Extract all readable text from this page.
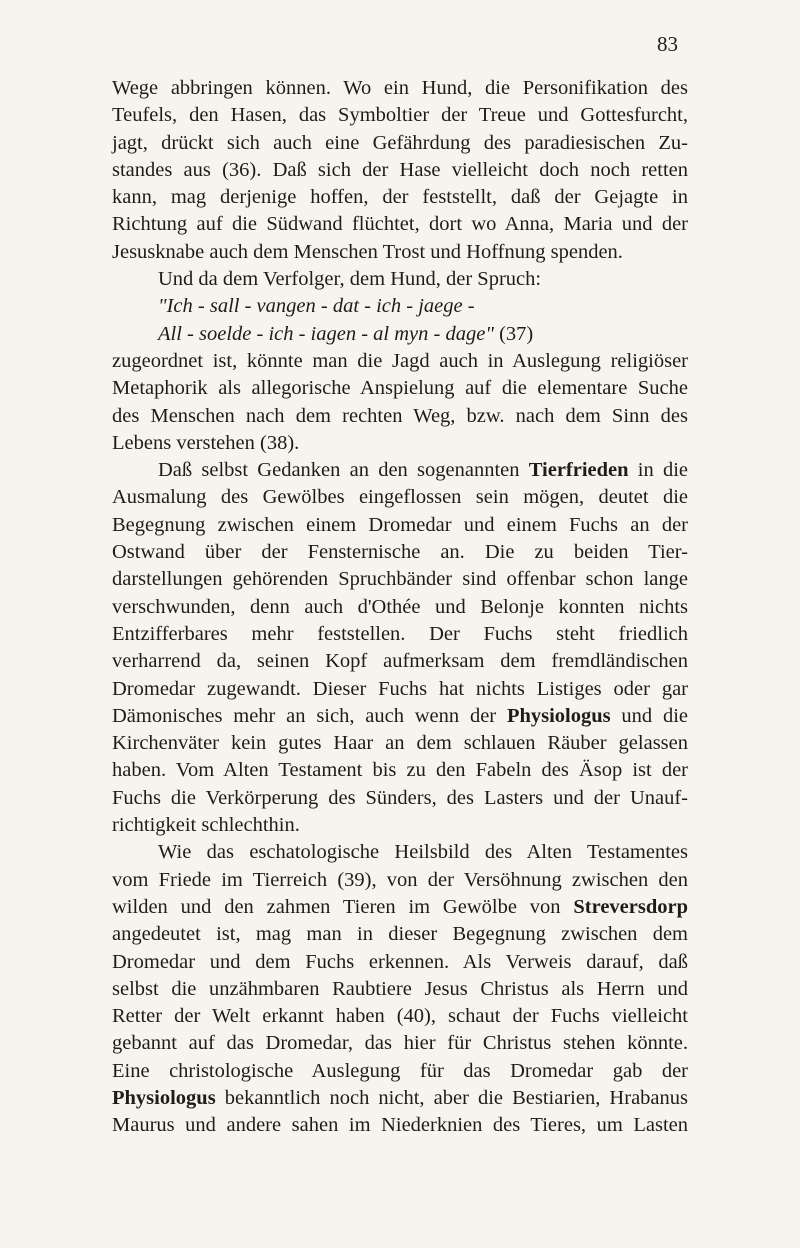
83
Wege abbringen können. Wo ein Hund, die Personifikation des
Teufels, den Hasen, das Symboltier der Treue und Gottesfurcht,
jagt, drückt sich auch eine Gefährdung des paradiesischen Zu-
standes aus (36). Daß sich der Hase vielleicht doch noch retten
kann, mag derjenige hoffen, der feststellt, daß der Gejagte in
Richtung auf die Südwand flüchtet, dort wo Anna, Maria und der
Jesusknabe auch dem Menschen Trost und Hoffnung spenden.
Und da dem Verfolger, dem Hund, der Spruch:
"Ich - sall - vangen - dat - ich - jaege -
All - soelde - ich - iagen - al myn - dage" (37)
zugeordnet ist, könnte man die Jagd auch in Auslegung religiöser
Metaphorik als allegorische Anspielung auf die elementare Suche
des Menschen nach dem rechten Weg, bzw. nach dem Sinn des
Lebens verstehen (38).
Daß selbst Gedanken an den sogenannten Tierfrieden in die
Ausmalung des Gewölbes eingeflossen sein mögen, deutet die
Begegnung zwischen einem Dromedar und einem Fuchs an der
Ostwand über der Fensternische an. Die zu beiden Tier-
darstellungen gehörenden Spruchbänder sind offenbar schon lange
verschwunden, denn auch d'Othée und Belonje konnten nichts
Entzifferbares mehr feststellen. Der Fuchs steht friedlich
verharrend da, seinen Kopf aufmerksam dem fremdländischen
Dromedar zugewandt. Dieser Fuchs hat nichts Listiges oder gar
Dämonisches mehr an sich, auch wenn der Physiologus und die
Kirchenväter kein gutes Haar an dem schlauen Räuber gelassen
haben. Vom Alten Testament bis zu den Fabeln des Äsop ist der
Fuchs die Verkörperung des Sünders, des Lasters und der Unauf-
richtigkeit schlechthin.
Wie das eschatologische Heilsbild des Alten Testamentes
vom Friede im Tierreich (39), von der Versöhnung zwischen den
wilden und den zahmen Tieren im Gewölbe von Streversdorp
angedeutet ist, mag man in dieser Begegnung zwischen dem
Dromedar und dem Fuchs erkennen. Als Verweis darauf, daß
selbst die unzähmbaren Raubtiere Jesus Christus als Herrn und
Retter der Welt erkannt haben (40), schaut der Fuchs vielleicht
gebannt auf das Dromedar, das hier für Christus stehen könnte.
Eine christologische Auslegung für das Dromedar gab der
Physiologus bekanntlich noch nicht, aber die Bestiarien, Hrabanus
Maurus und andere sahen im Niederknien des Tieres, um Lasten
